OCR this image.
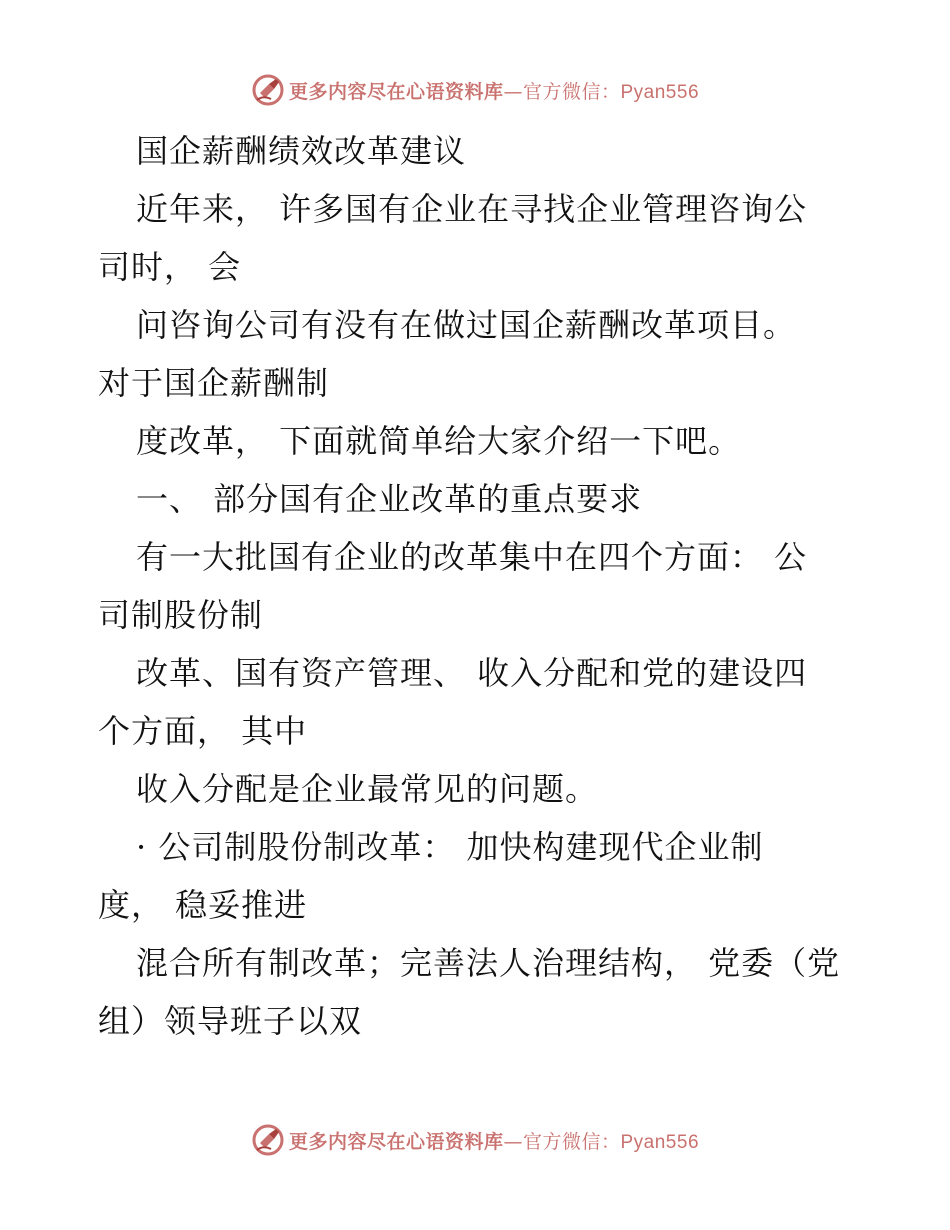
更多内容尽在心语资料库—官方微信：Pyan556
国企薪酬绩效改革建议
近年来， 许多国有企业在寻找企业管理咨询公
司时， 会
问咨询公司有没有在做过国企薪酬改革项目。
对于国企薪酬制
度改革， 下面就简单给大家介绍一下吧。
一、 部分国有企业改革的重点要求
有一大批国有企业的改革集中在四个方面： 公
司制股份制
改革、国有资产管理、 收入分配和党的建设四
个方面， 其中
收入分配是企业最常见的问题。
· 公司制股份制改革： 加快构建现代企业制
度， 稳妥推进
混合所有制改革；完善法人治理结构， 党委（党
组）领导班子以双
更多内容尽在心语资料库—官方微信：Pyan556
